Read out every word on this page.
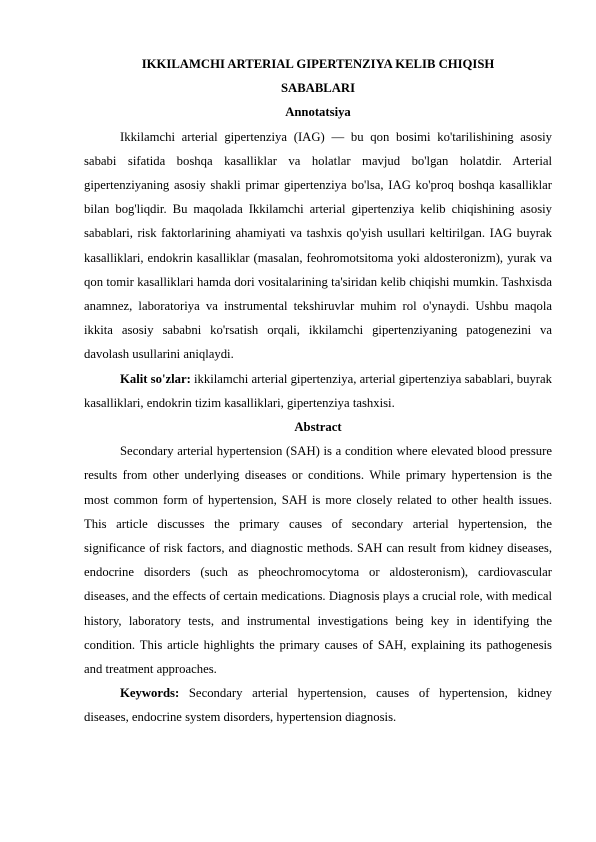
IKKILAMCHI ARTERIAL GIPERTENZIYA KELIB CHIQISH SABABLARI
Annotatsiya

Ikkilamchi arterial gipertenziya (IAG) — bu qon bosimi ko'tarilishining asosiy sababi sifatida boshqa kasalliklar va holatlar mavjud bo'lgan holatdir. Arterial gipertenziyaning asosiy shakli primar gipertenziya bo'lsa, IAG ko'proq boshqa kasalliklar bilan bog'liqdir. Bu maqolada Ikkilamchi arterial gipertenziya kelib chiqishining asosiy sabablari, risk faktorlarining ahamiyati va tashxis qo'yish usullari keltirilgan. IAG buyrak kasalliklari, endokrin kasalliklar (masalan, feohromotsitoma yoki aldosteronizm), yurak va qon tomir kasalliklari hamda dori vositalarining ta'siridan kelib chiqishi mumkin. Tashxisda anamnez, laboratoriya va instrumental tekshiruvlar muhim rol o'ynaydi. Ushbu maqola ikkita asosiy sababni ko'rsatish orqali, ikkilamchi gipertenziyaning patogenezini va davolash usullarini aniqlaydi.

Kalit so'zlar: ikkilamchi arterial gipertenziya, arterial gipertenziya sabablari, buyrak kasalliklari, endokrin tizim kasalliklari, gipertenziya tashxisi.

Abstract

Secondary arterial hypertension (SAH) is a condition where elevated blood pressure results from other underlying diseases or conditions. While primary hypertension is the most common form of hypertension, SAH is more closely related to other health issues. This article discusses the primary causes of secondary arterial hypertension, the significance of risk factors, and diagnostic methods. SAH can result from kidney diseases, endocrine disorders (such as pheochromocytoma or aldosteronism), cardiovascular diseases, and the effects of certain medications. Diagnosis plays a crucial role, with medical history, laboratory tests, and instrumental investigations being key in identifying the condition. This article highlights the primary causes of SAH, explaining its pathogenesis and treatment approaches.

Keywords: Secondary arterial hypertension, causes of hypertension, kidney diseases, endocrine system disorders, hypertension diagnosis.
